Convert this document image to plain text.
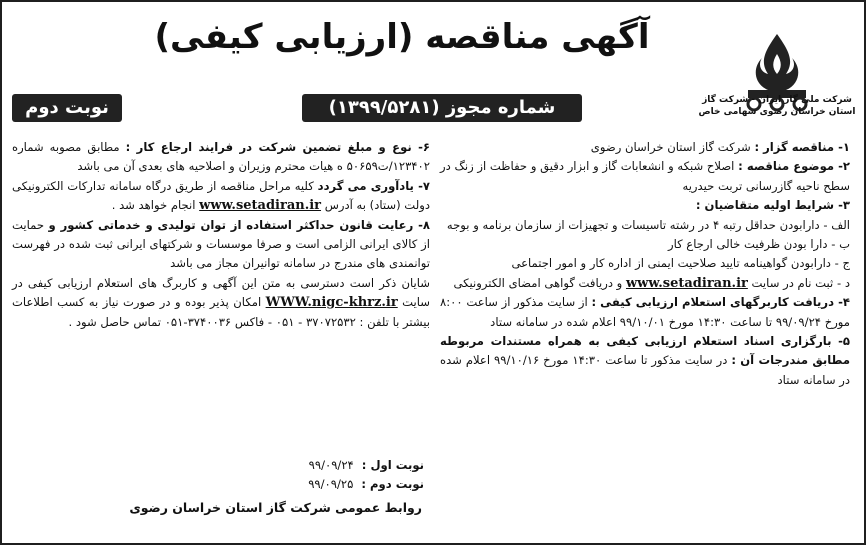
شرکت ملی گاز ایران - شرکت گاز استان خراسان رضوی سهامی خاص
آگهی مناقصه (ارزیابی کیفی)
شماره مجوز (۱۳۹۹/۵۲۸۱)
نوبت دوم

۱- مناقصه گزار : شرکت گاز استان خراسان رضوی

۲- موضوع مناقصه : اصلاح شبکه و انشعابات گاز و ابزار دقیق و حفاظت از زنگ در سطح ناحیه گازرسانی تربت حیدریه

۳- شرایط اولیه متقاضیان :

الف - دارابودن حداقل رتبه ۴ در رشته تاسیسات و تجهیزات از سازمان برنامه و بوجه

ب - دارا بودن ظرفیت خالی ارجاع کار

ج - دارابودن گواهینامه تایید صلاحیت ایمنی از اداره کار و امور اجتماعی

د - ثبت نام در سایت www.setadiran.ir و دریافت گواهی امضای الکترونیکی

۴- دریافت کاربرگهای استعلام ارزیابی کیفی : از سایت مذکور از ساعت ۸:۰۰ مورخ ۹۹/۰۹/۲۴ تا ساعت ۱۴:۳۰ مورخ ۹۹/۱۰/۰۱ اعلام شده در سامانه ستاد

۵- بارگزاری اسناد استعلام ارزیابی کیفی به همراه مستندات مربوطه مطابق مندرجات آن : در سایت مذکور تا ساعت ۱۴:۳۰ مورخ ۹۹/۱۰/۱۶ اعلام شده در سامانه ستاد

۶- نوع و مبلغ تضمین شرکت در فرایند ارجاع کار : مطابق مصوبه شماره ۱۲۳۴۰۲/ت۵۰۶۵۹ ه هیات محترم وزیران و اصلاحیه های بعدی آن می باشد

۷- یادآوری می گردد کلیه مراحل مناقصه از طریق درگاه سامانه تدارکات الکترونیکی دولت (ستاد) به آدرس www.setadiran.ir انجام خواهد شد .

۸- رعایت قانون حداکثر استفاده از توان تولیدی و خدماتی کشور و حمایت از کالای ایرانی الزامی است و صرفا موسسات و شرکتهای ایرانی ثبت شده در فهرست توانمندی های مندرج در سامانه توانیران مجاز می باشد

شایان ذکر است دسترسی به متن این آگهی و کاربرگ های استعلام ارزیابی کیفی در سایت WWW.nigc-khrz.ir امکان پذیر بوده و در صورت نیاز به کسب اطلاعات بیشتر با تلفن : ۳۷۰۷۲۵۳۲ - ۰۵۱ - فاکس ۳۷۴۰۰۳۶-۰۵۱ تماس حاصل شود .

نوبت اول :
۹۹/۰۹/۲۴
نوبت دوم :
۹۹/۰۹/۲۵
روابط عمومی شرکت گاز استان خراسان رضوی
